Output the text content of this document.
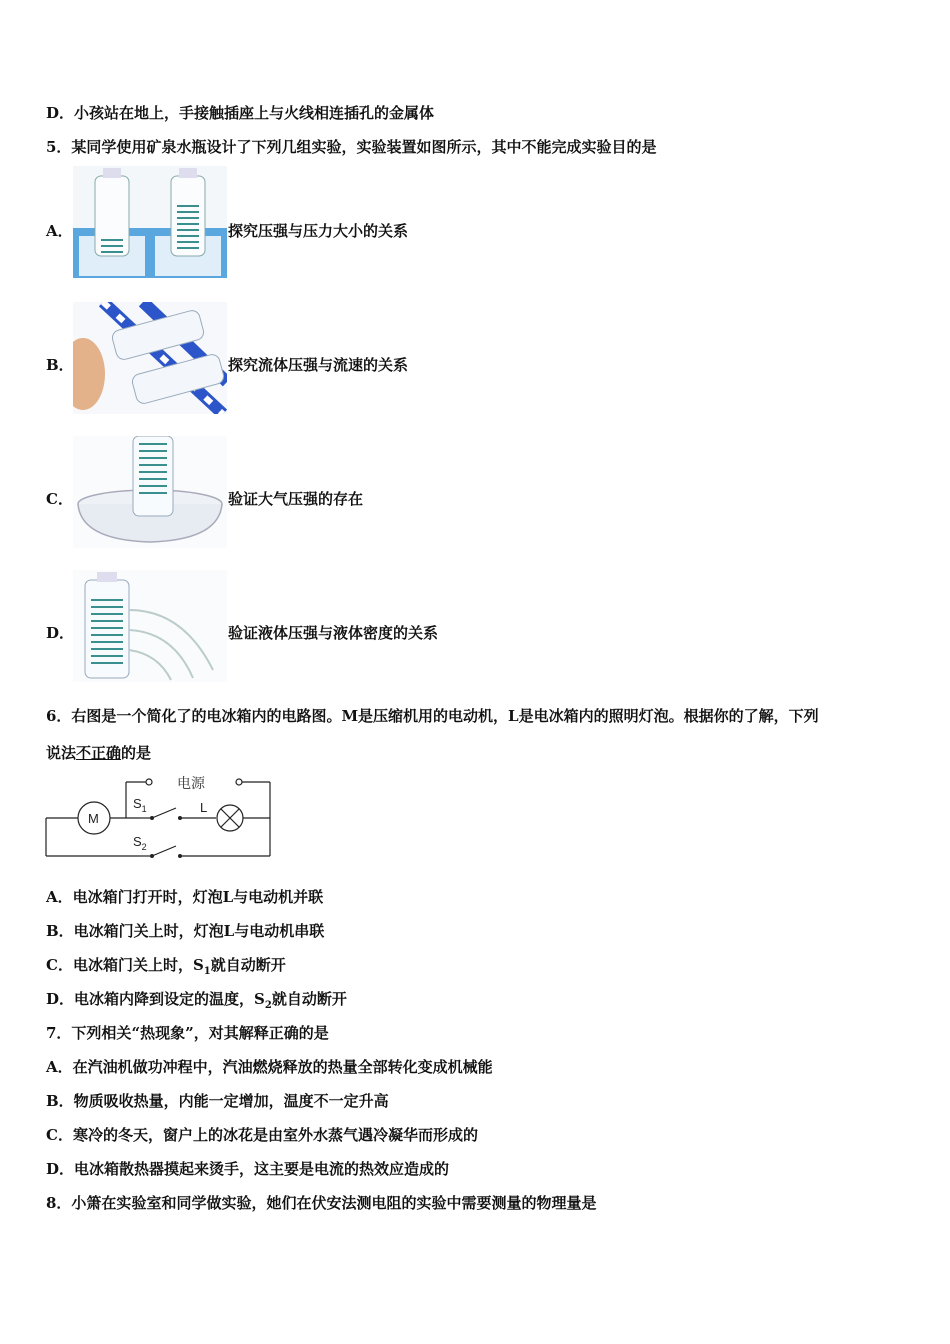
D．小孩站在地上，手接触插座上与火线相连插孔的金属体
5．某同学使用矿泉水瓶设计了下列几组实验，实验装置如图所示，其中不能完成实验目的是
A．	探究压强与压力大小的关系
B．	探究流体压强与流速的关系
C．	验证大气压强的存在
D．	验证液体压强与液体密度的关系
6．右图是一个简化了的电冰箱内的电路图。M是压缩机用的电动机，L是电冰箱内的照明灯泡。根据你的了解，下列
说法不正确的是
电源
M
L
$S_1$
$S_2$
A．电冰箱门打开时，灯泡L与电动机并联
B．电冰箱门关上时，灯泡L与电动机串联
C．电冰箱门关上时，$S_1$就自动断开
D．电冰箱内降到设定的温度，$S_2$就自动断开
7．下列相关“热现象”，对其解释正确的是
A．在汽油机做功冲程中，汽油燃烧释放的热量全部转化变成机械能
B．物质吸收热量，内能一定增加，温度不一定升高
C．寒冷的冬天，窗户上的冰花是由室外水蒸气遇冷凝华而形成的
D．电冰箱散热器摸起来烫手，这主要是电流的热效应造成的
8．小箫在实验室和同学做实验，她们在伏安法测电阻的实验中需要测量的物理量是
